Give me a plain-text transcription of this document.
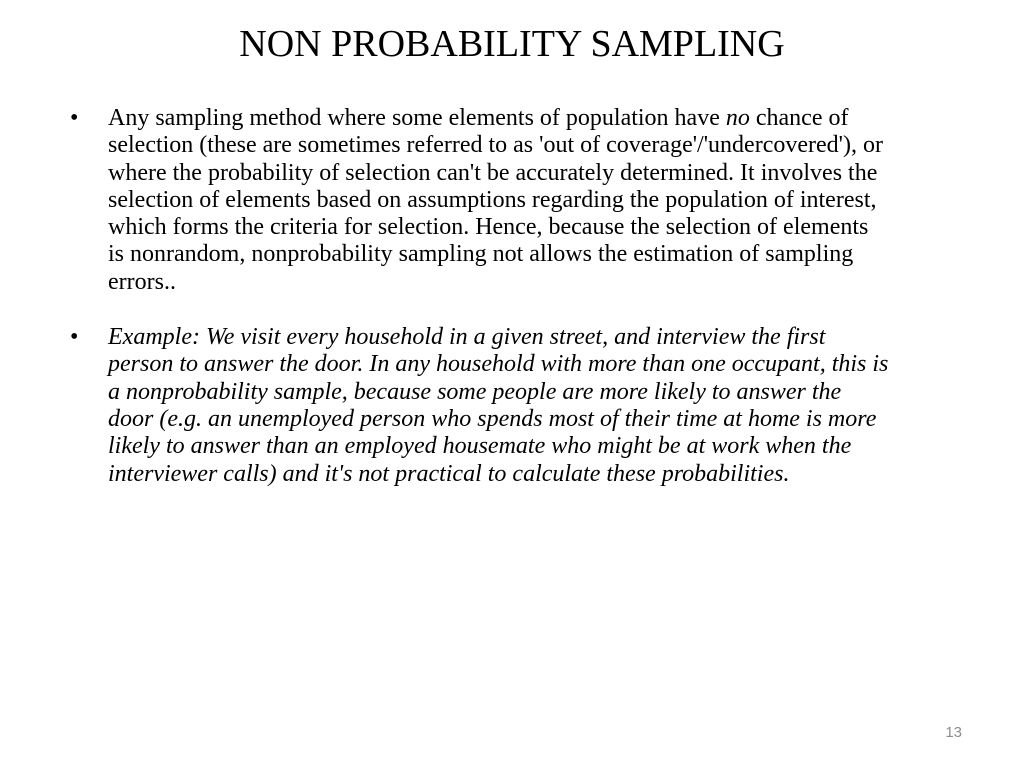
NON PROBABILITY SAMPLING
•	Any sampling method where some elements of population have no chance of selection (these are sometimes referred to as 'out of coverage'/'undercovered'), or where the probability of selection can't be accurately determined. It involves the selection of elements based on assumptions regarding the population of interest, which forms the criteria for selection. Hence, because the selection of elements is nonrandom, nonprobability sampling not allows the estimation of sampling errors..
•	Example: We visit every household in a given street, and interview the first person to answer the door. In any household with more than one occupant, this is a nonprobability sample, because some people are more likely to answer the door (e.g. an unemployed person who spends most of their time at home is more likely to answer than an employed housemate who might be at work when the interviewer calls) and it's not practical to calculate these probabilities.
13
